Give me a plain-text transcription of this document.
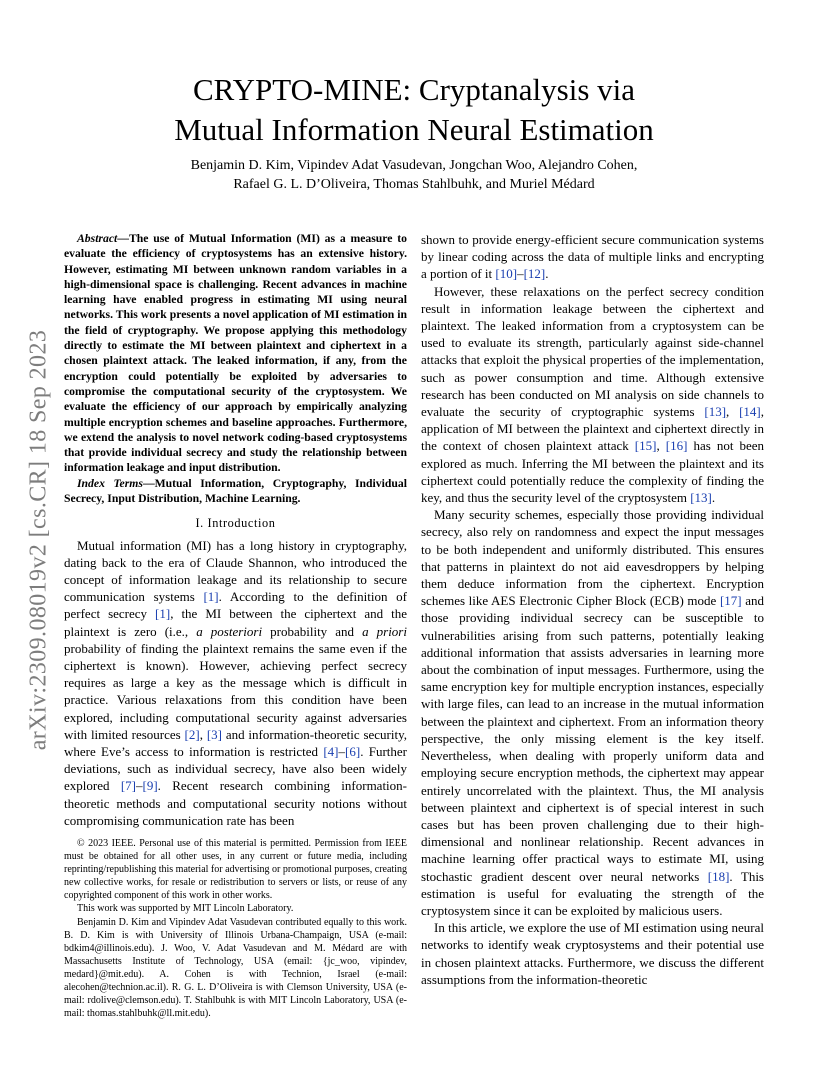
arXiv:2309.08019v2 [cs.CR] 18 Sep 2023
CRYPTO-MINE: Cryptanalysis via
Mutual Information Neural Estimation
Benjamin D. Kim, Vipindev Adat Vasudevan, Jongchan Woo, Alejandro Cohen,
Rafael G. L. D’Oliveira, Thomas Stahlbuhk, and Muriel Médard

Abstract—The use of Mutual Information (MI) as a measure to evaluate the efficiency of cryptosystems has an extensive history. However, estimating MI between unknown random variables in a high-dimensional space is challenging. Recent advances in machine learning have enabled progress in estimating MI using neural networks. This work presents a novel application of MI estimation in the field of cryptography. We propose applying this methodology directly to estimate the MI between plaintext and ciphertext in a chosen plaintext attack. The leaked information, if any, from the encryption could potentially be exploited by adversaries to compromise the computational security of the cryptosystem. We evaluate the efficiency of our approach by empirically analyzing multiple encryption schemes and baseline approaches. Furthermore, we extend the analysis to novel network coding-based cryptosystems that provide individual secrecy and study the relationship between information leakage and input distribution.

Index Terms—Mutual Information, Cryptography, Individual Secrecy, Input Distribution, Machine Learning.

I. Introduction

Mutual information (MI) has a long history in cryptography, dating back to the era of Claude Shannon, who introduced the concept of information leakage and its relationship to secure communication systems [1]. According to the definition of perfect secrecy [1], the MI between the ciphertext and the plaintext is zero (i.e., a posteriori probability and a priori probability of finding the plaintext remains the same even if the ciphertext is known). However, achieving perfect secrecy requires as large a key as the message which is difficult in practice. Various relaxations from this condition have been explored, including computational security against adversaries with limited resources [2], [3] and information-theoretic security, where Eve’s access to information is restricted [4]–[6]. Further deviations, such as individual secrecy, have also been widely explored [7]–[9]. Recent research combining information-theoretic methods and computational security notions without compromising communication rate has been

© 2023 IEEE. Personal use of this material is permitted. Permission from IEEE must be obtained for all other uses, in any current or future media, including reprinting/republishing this material for advertising or promotional purposes, creating new collective works, for resale or redistribution to servers or lists, or reuse of any copyrighted component of this work in other works.

This work was supported by MIT Lincoln Laboratory.

Benjamin D. Kim and Vipindev Adat Vasudevan contributed equally to this work. B. D. Kim is with University of Illinois Urbana-Champaign, USA (e-mail: bdkim4@illinois.edu). J. Woo, V. Adat Vasudevan and M. Médard are with Massachusetts Institute of Technology, USA (email: {jc_woo, vipindev, medard}@mit.edu). A. Cohen is with Technion, Israel (e-mail: alecohen@technion.ac.il). R. G. L. D’Oliveira is with Clemson University, USA (e-mail: rdolive@clemson.edu). T. Stahlbuhk is with MIT Lincoln Laboratory, USA (e-mail: thomas.stahlbuhk@ll.mit.edu).

shown to provide energy-efficient secure communication systems by linear coding across the data of multiple links and encrypting a portion of it [10]–[12].

However, these relaxations on the perfect secrecy condition result in information leakage between the ciphertext and plaintext. The leaked information from a cryptosystem can be used to evaluate its strength, particularly against side-channel attacks that exploit the physical properties of the implementation, such as power consumption and time. Although extensive research has been conducted on MI analysis on side channels to evaluate the security of cryptographic systems [13], [14], application of MI between the plaintext and ciphertext directly in the context of chosen plaintext attack [15], [16] has not been explored as much. Inferring the MI between the plaintext and its ciphertext could potentially reduce the complexity of finding the key, and thus the security level of the cryptosystem [13].

Many security schemes, especially those providing individual secrecy, also rely on randomness and expect the input messages to be both independent and uniformly distributed. This ensures that patterns in plaintext do not aid eavesdroppers by helping them deduce information from the ciphertext. Encryption schemes like AES Electronic Cipher Block (ECB) mode [17] and those providing individual secrecy can be susceptible to vulnerabilities arising from such patterns, potentially leaking additional information that assists adversaries in learning more about the combination of input messages. Furthermore, using the same encryption key for multiple encryption instances, especially with large files, can lead to an increase in the mutual information between the plaintext and ciphertext. From an information theory perspective, the only missing element is the key itself. Nevertheless, when dealing with properly uniform data and employing secure encryption methods, the ciphertext may appear entirely uncorrelated with the plaintext. Thus, the MI analysis between plaintext and ciphertext is of special interest in such cases but has been proven challenging due to their high-dimensional and nonlinear relationship. Recent advances in machine learning offer practical ways to estimate MI, using stochastic gradient descent over neural networks [18]. This estimation is useful for evaluating the strength of the cryptosystem since it can be exploited by malicious users.

In this article, we explore the use of MI estimation using neural networks to identify weak cryptosystems and their potential use in chosen plaintext attacks. Furthermore, we discuss the different assumptions from the information-theoretic
